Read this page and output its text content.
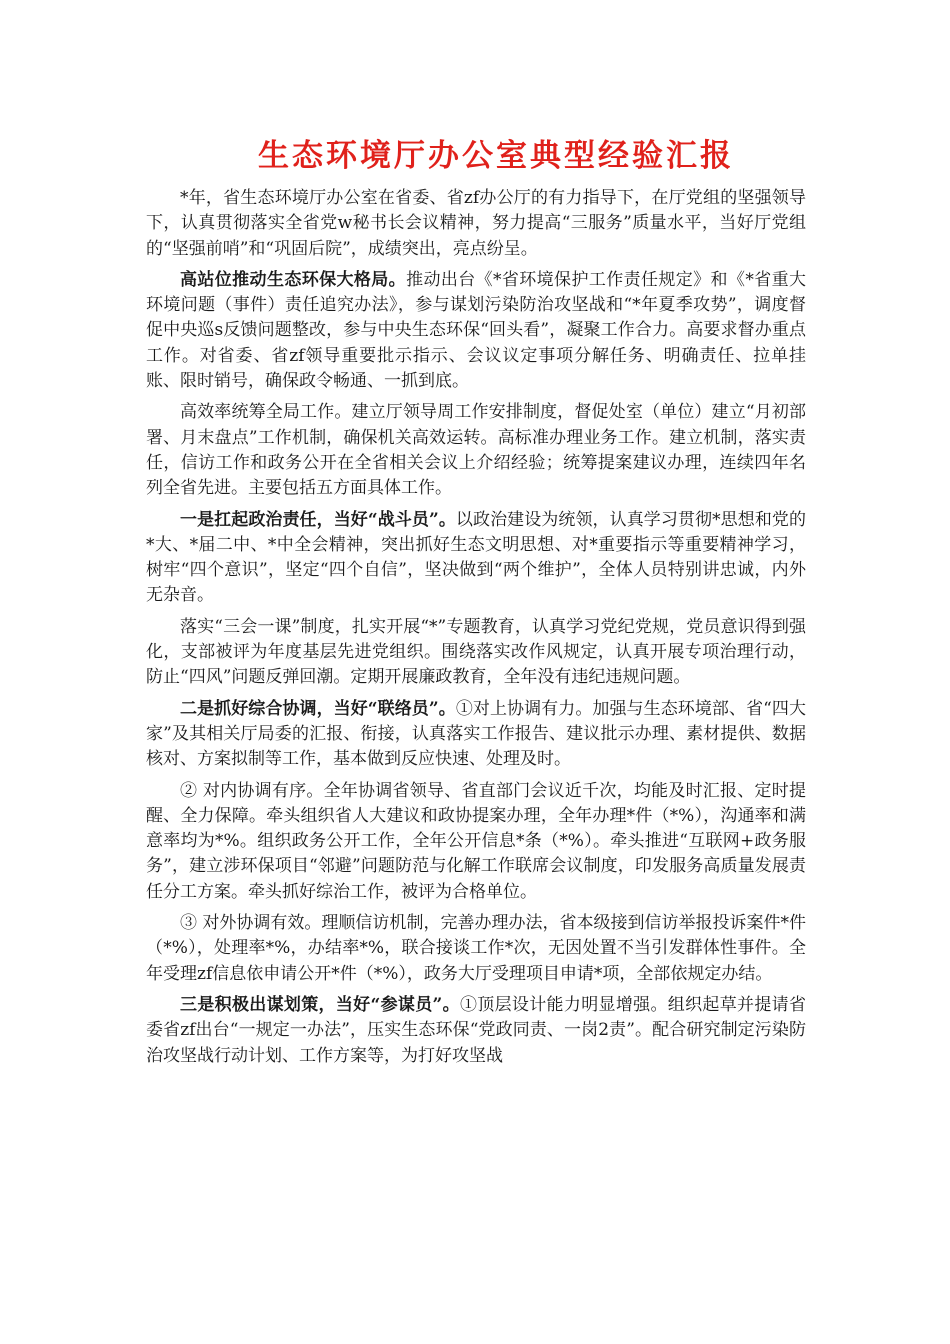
生态环境厅办公室典型经验汇报

*年，省生态环境厅办公室在省委、省zf办公厅的有力指导下，在厅党组的坚强领导下，认真贯彻落实全省党w秘书长会议精神，努力提高“三服务”质量水平，当好厅党组的“坚强前哨”和“巩固后院”，成绩突出，亮点纷呈。

高站位推动生态环保大格局。推动出台《*省环境保护工作责任规定》和《*省重大环境问题（事件）责任追究办法》，参与谋划污染防治攻坚战和“*年夏季攻势”，调度督促中央巡s反馈问题整改，参与中央生态环保“回头看”，凝聚工作合力。高要求督办重点工作。对省委、省zf领导重要批示指示、会议议定事项分解任务、明确责任、拉单挂账、限时销号，确保政令畅通、一抓到底。

高效率统筹全局工作。建立厅领导周工作安排制度，督促处室（单位）建立“月初部署、月末盘点”工作机制，确保机关高效运转。高标准办理业务工作。建立机制，落实责任，信访工作和政务公开在全省相关会议上介绍经验；统筹提案建议办理，连续四年名列全省先进。主要包括五方面具体工作。

一是扛起政治责任，当好“战斗员”。以政治建设为统领，认真学习贯彻*思想和党的*大、*届二中、*中全会精神，突出抓好生态文明思想、对*重要指示等重要精神学习，树牢“四个意识”，坚定“四个自信”，坚决做到“两个维护”，全体人员特别讲忠诚，内外无杂音。

落实“三会一课”制度，扎实开展“*”专题教育，认真学习党纪党规，党员意识得到强化，支部被评为年度基层先进党组织。围绕落实改作风规定，认真开展专项治理行动，防止“四风”问题反弹回潮。定期开展廉政教育，全年没有违纪违规问题。

二是抓好综合协调，当好“联络员”。①对上协调有力。加强与生态环境部、省“四大家”及其相关厅局委的汇报、衔接，认真落实工作报告、建议批示办理、素材提供、数据核对、方案拟制等工作，基本做到反应快速、处理及时。

② 对内协调有序。全年协调省领导、省直部门会议近千次，均能及时汇报、定时提醒、全力保障。牵头组织省人大建议和政协提案办理，全年办理*件（*%），沟通率和满意率均为*%。组织政务公开工作，全年公开信息*条（*%）。牵头推进“互联网+政务服务”，建立涉环保项目“邻避”问题防范与化解工作联席会议制度，印发服务高质量发展责任分工方案。牵头抓好综治工作，被评为合格单位。

③ 对外协调有效。理顺信访机制，完善办理办法，省本级接到信访举报投诉案件*件（*%），处理率*%，办结率*%，联合接谈工作*次，无因处置不当引发群体性事件。全年受理zf信息依申请公开*件（*%），政务大厅受理项目申请*项，全部依规定办结。

三是积极出谋划策，当好“参谋员”。①顶层设计能力明显增强。组织起草并提请省委省zf出台“一规定一办法”，压实生态环保“党政同责、一岗2责”。配合研究制定污染防治攻坚战行动计划、工作方案等，为打好攻坚战
